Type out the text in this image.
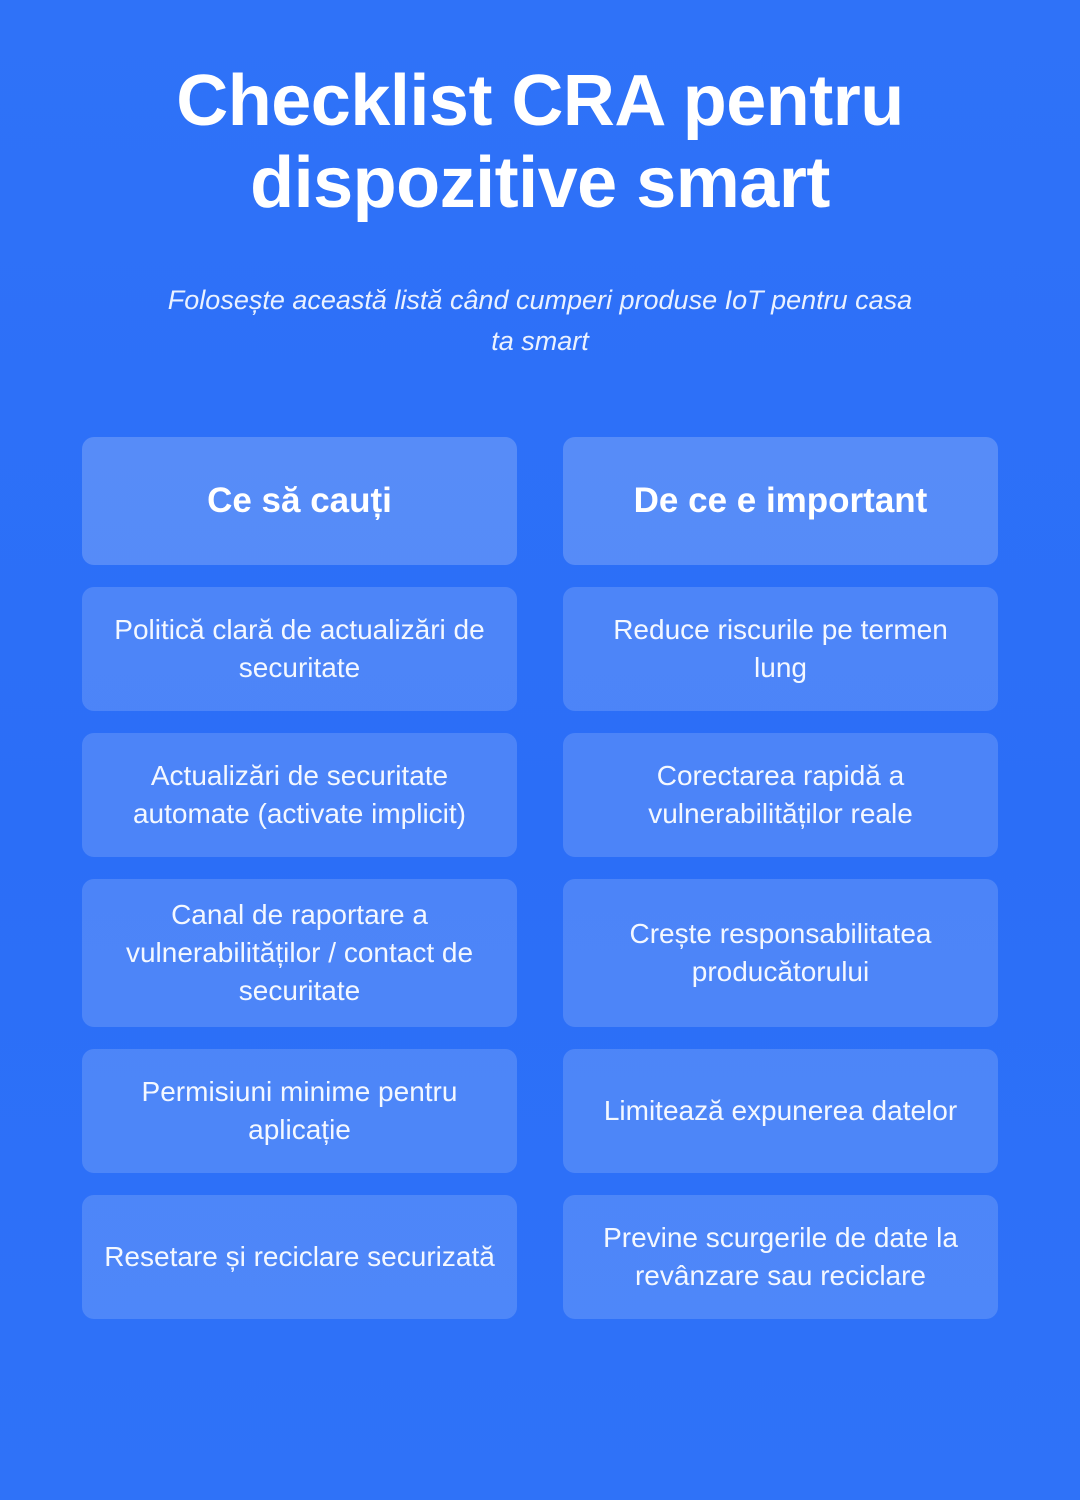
Checklist CRA pentru dispozitive smart

Folosește această listă când cumperi produse IoT pentru casa ta smart

Ce să cauți	De ce e important
Politică clară de actualizări de securitate
Reduce riscurile pe termen lung
Actualizări de securitate automate (activate implicit)
Corectarea rapidă a vulnerabilităților reale
Canal de raportare a vulnerabilităților / contact de securitate
Crește responsabilitatea producătorului
Permisiuni minime pentru aplicație
Limitează expunerea datelor
Resetare și reciclare securizată
Previne scurgerile de date la revânzare sau reciclare
